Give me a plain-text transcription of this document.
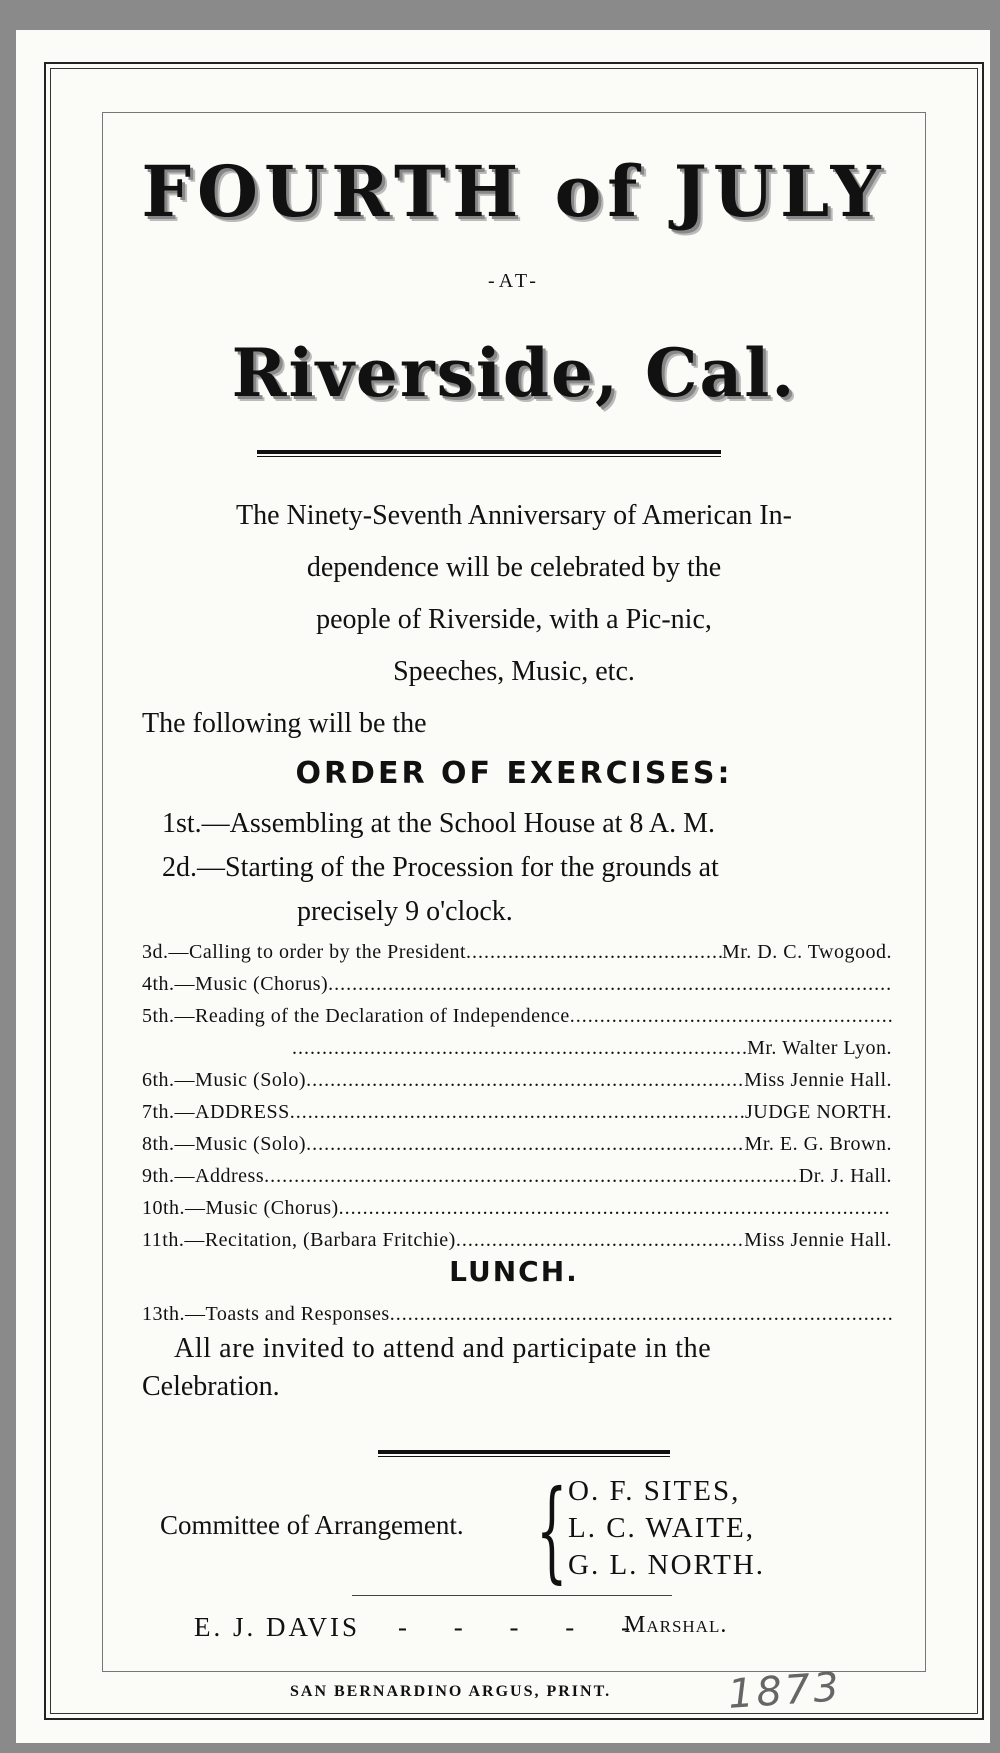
FOURTH of JULY
-AT-
Riverside, Cal.
The Ninety-Seventh Anniversary of American In-
dependence will be celebrated by the
people of Riverside, with a Pic-nic,
Speeches, Music, etc.
The following will be the
ORDER OF EXERCISES:
1st.—Assembling at the School House at 8 A. M.
2d.—Starting of the Procession for the grounds at
precisely 9 o'clock.
3d.—Calling to order by the President .....	Mr. D. C. Twogood.
4th.—Music (Chorus)
.....
5th.—Reading of the Declaration of Independence
.....
.....
Mr. Walter Lyon.
6th.—Music (Solo) .....	Miss Jennie Hall.
7th.—ADDRESS .....	JUDGE NORTH.
8th.—Music (Solo) .....	Mr. E. G. Brown.
9th.—Address .....	Dr. J. Hall.
10th.—Music (Chorus)
.....
11th.—Recitation, (Barbara Fritchie) .....	Miss Jennie Hall.
LUNCH.
13th.—Toasts and Responses
.....
All are invited to attend and participate in the
Celebration.
Committee of Arrangement. { O. F. SITES,
L. C. WAITE,
G. L. NORTH.
E. J. DAVIS - - - - -
Marshal.
SAN BERNARDINO ARGUS, PRINT.	1873
